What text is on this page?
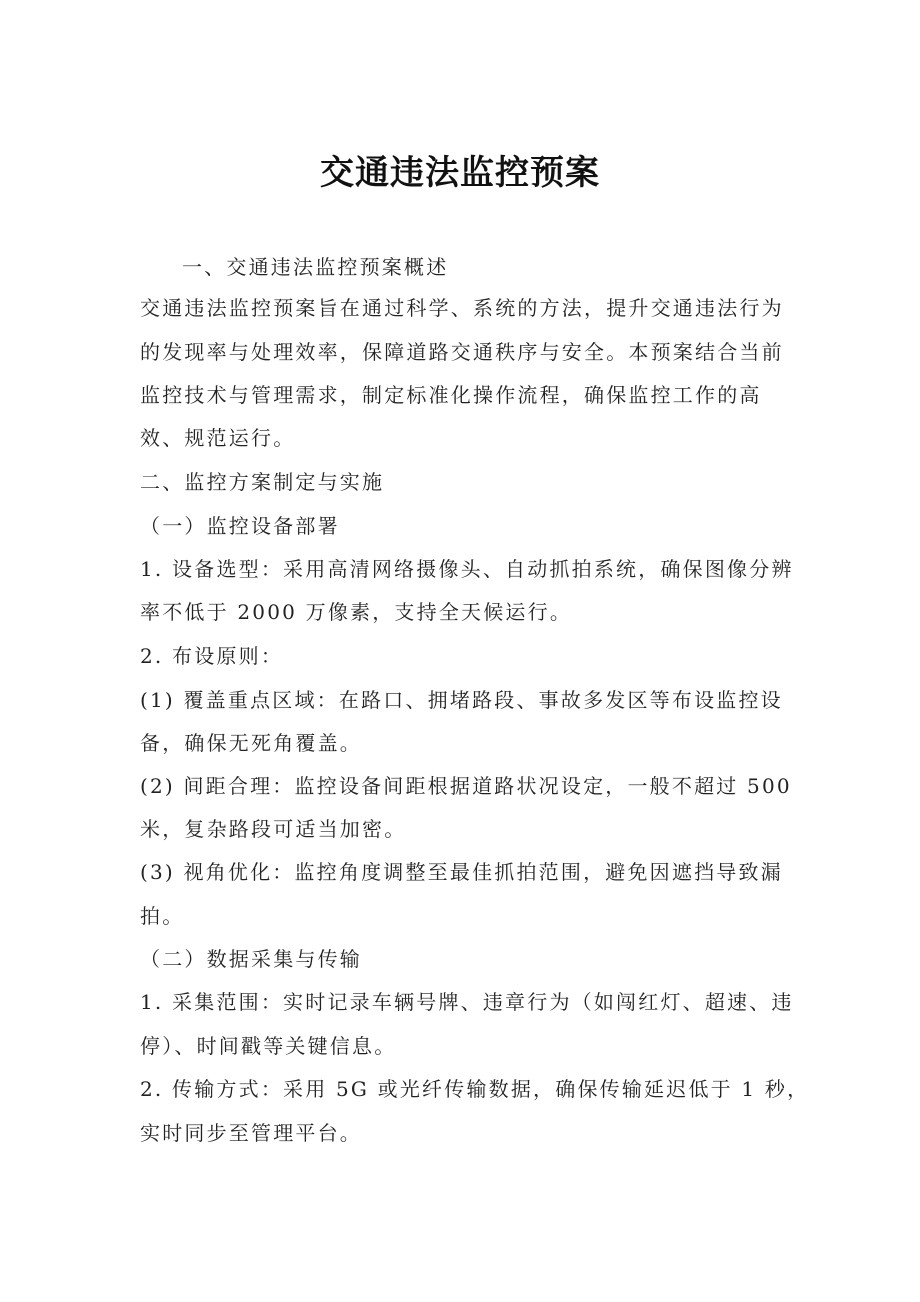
交通违法监控预案
一、交通违法监控预案概述
交通违法监控预案旨在通过科学、系统的方法，提升交通违法行为
的发现率与处理效率，保障道路交通秩序与安全。本预案结合当前
监控技术与管理需求，制定标准化操作流程，确保监控工作的高
效、规范运行。
二、监控方案制定与实施
（一）监控设备部署
1. 设备选型：采用高清网络摄像头、自动抓拍系统，确保图像分辨
率不低于 2000 万像素，支持全天候运行。
2. 布设原则：
(1) 覆盖重点区域：在路口、拥堵路段、事故多发区等布设监控设
备，确保无死角覆盖。
(2) 间距合理：监控设备间距根据道路状况设定，一般不超过 500
米，复杂路段可适当加密。
(3) 视角优化：监控角度调整至最佳抓拍范围，避免因遮挡导致漏
拍。
（二）数据采集与传输
1. 采集范围：实时记录车辆号牌、违章行为（如闯红灯、超速、违
停）、时间戳等关键信息。
2. 传输方式：采用 5G 或光纤传输数据，确保传输延迟低于 1 秒，
实时同步至管理平台。
